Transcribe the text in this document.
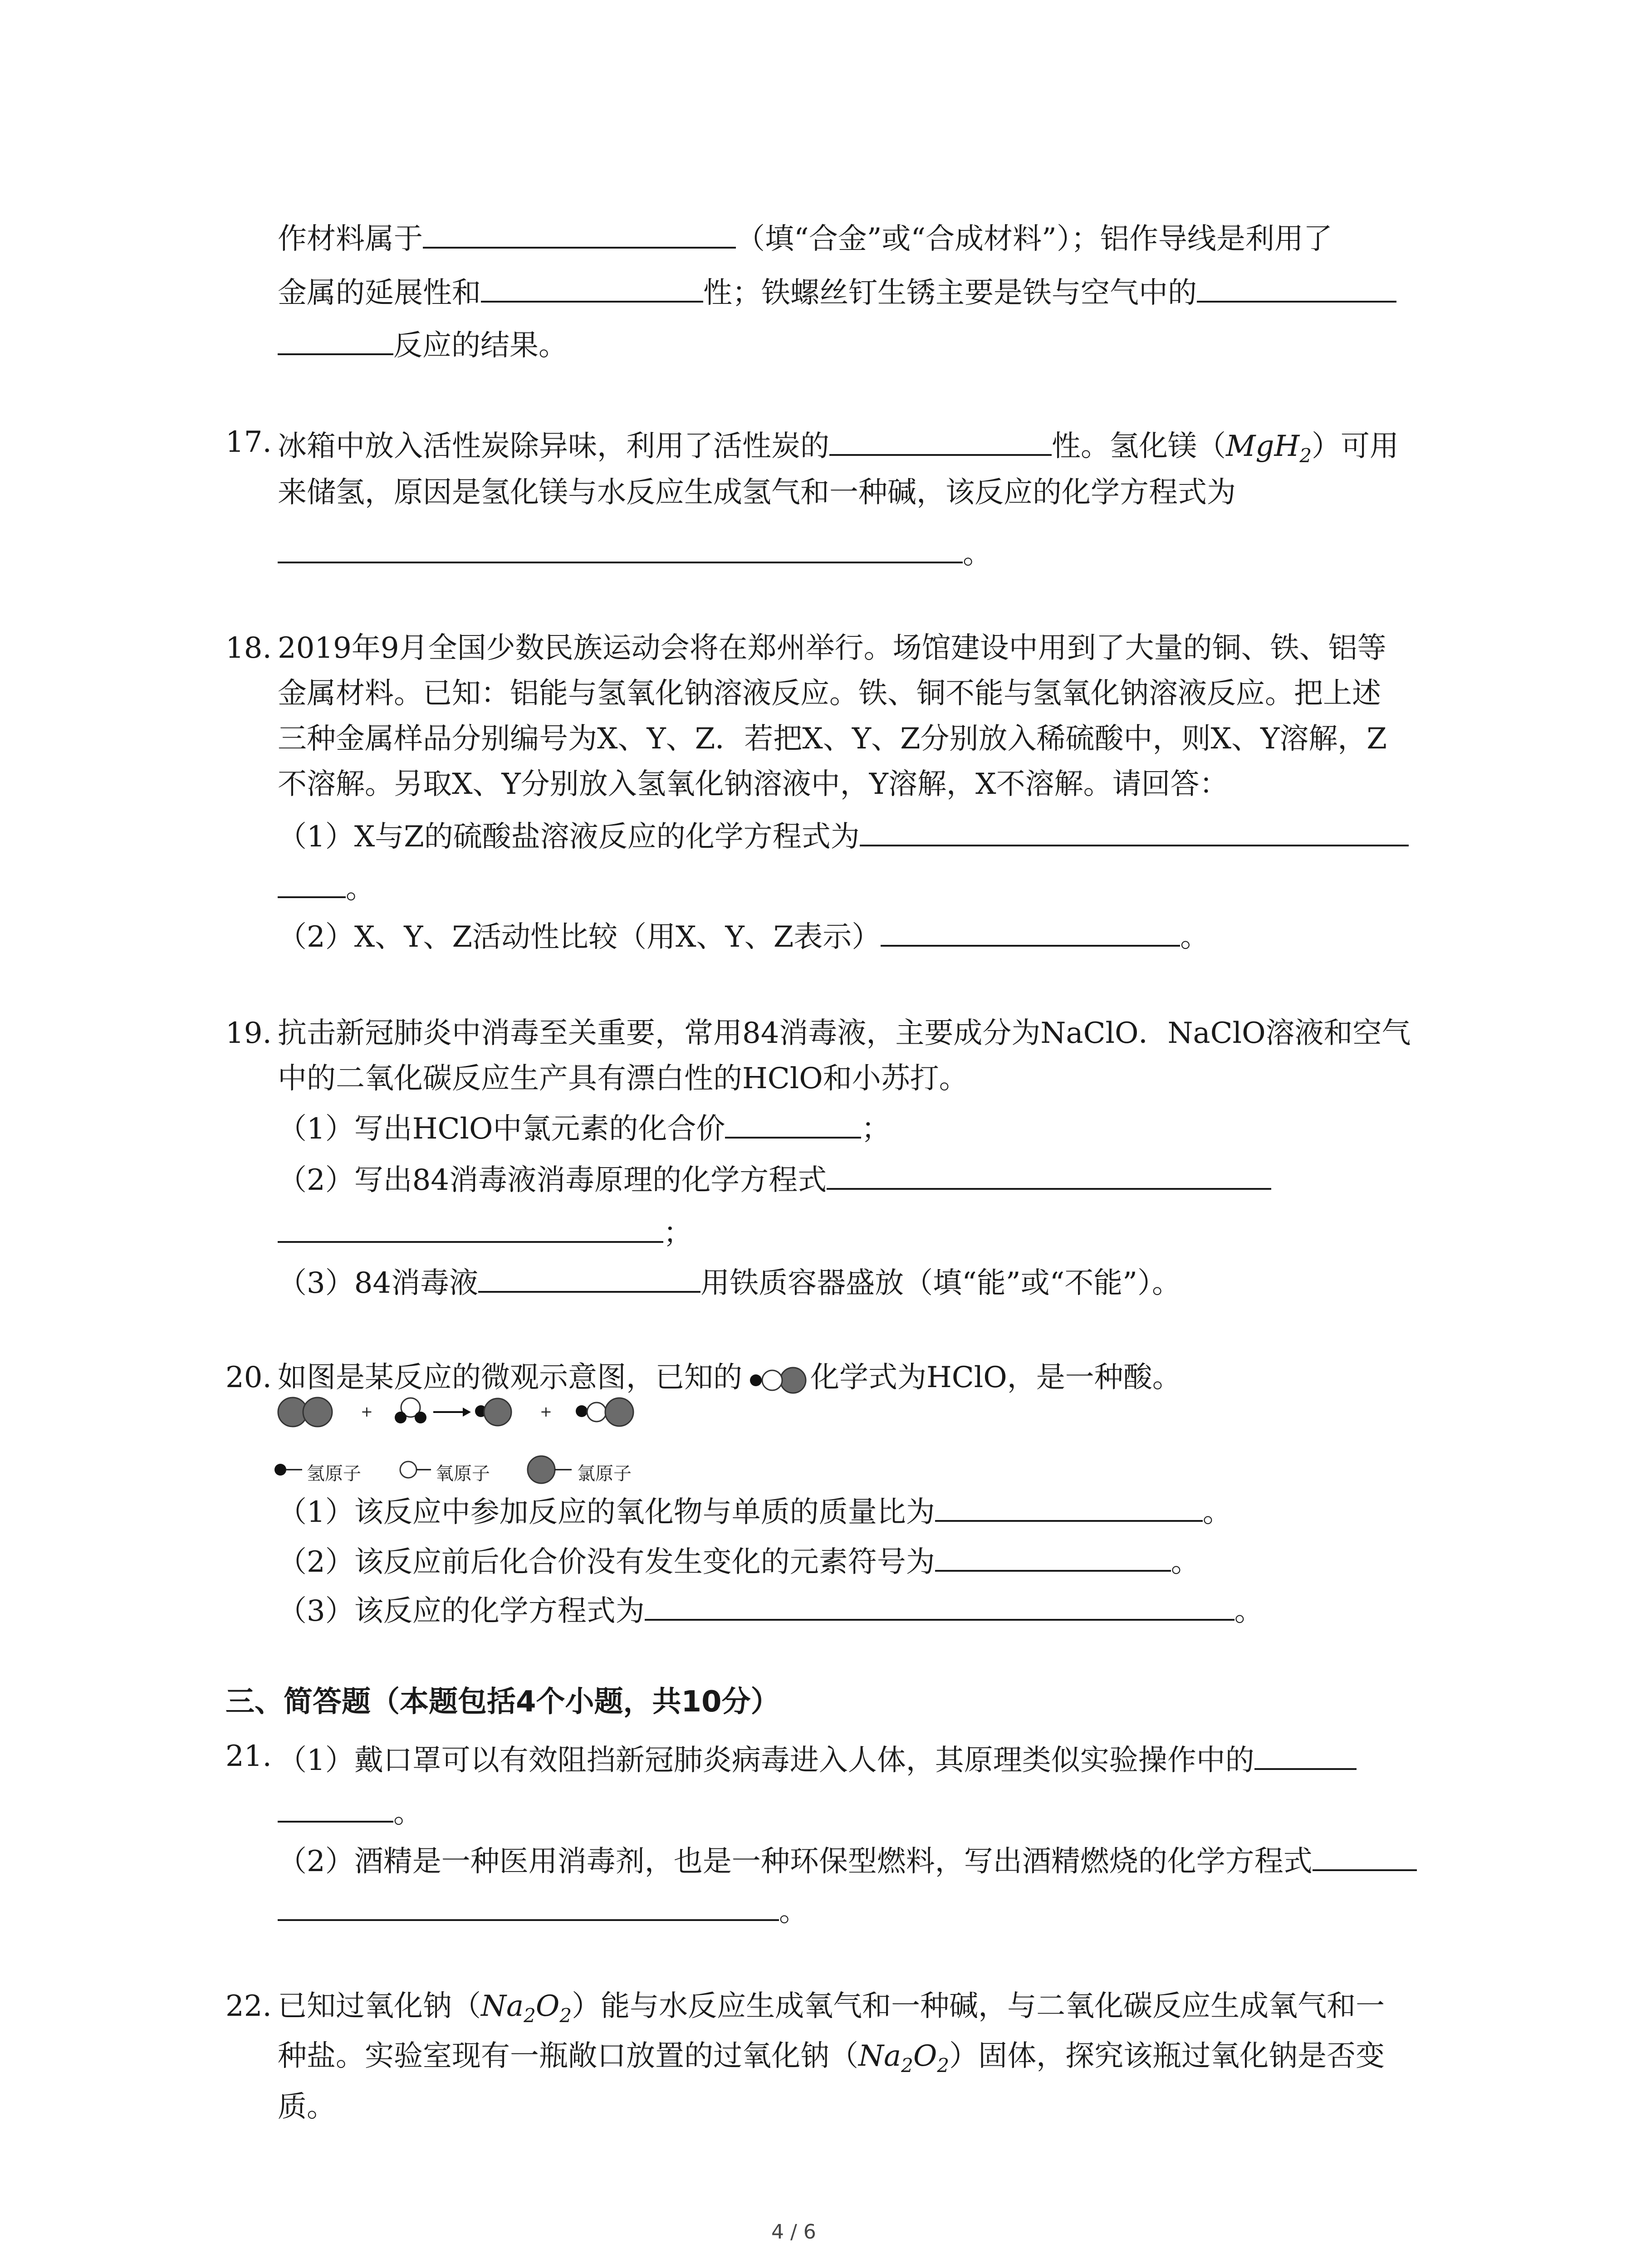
作材料属于	（填“合金”或“合成材料”）；铝作导线是利用了
金属的延展性和	性；铁螺丝钉生锈主要是铁与空气中的
反应的结果。
17. 冰箱中放入活性炭除异味，利用了活性炭的	性。氢化镁（MgH$_2$）可用
来储氢，原因是氢化镁与水反应生成氢气和一种碱，该反应的化学方程式为
。
18. 2019年9月全国少数民族运动会将在郑州举行。场馆建设中用到了大量的铜、铁、铝等
金属材料。已知：铝能与氢氧化钠溶液反应。铁、铜不能与氢氧化钠溶液反应。把上述
三种金属样品分别编号为X、Y、Z．若把X、Y、Z分别放入稀硫酸中，则X、Y溶解，Z
不溶解。另取X、Y分别放入氢氧化钠溶液中，Y溶解，X不溶解。请回答：
（1）X与Z的硫酸盐溶液反应的化学方程式为
。
（2）X、Y、Z活动性比较（用X、Y、Z表示）	。
19. 抗击新冠肺炎中消毒至关重要，常用84消毒液，主要成分为NaClO．NaClO溶液和空气
中的二氧化碳反应生产具有漂白性的HClO和小苏打。
（1）写出HClO中氯元素的化合价	；
（2）写出84消毒液消毒原理的化学方程式
；
（3）84消毒液	用铁质容器盛放（填“能”或“不能”）。
20. 如图是某反应的微观示意图，已知的 化学式为HClO，是一种酸。
+	+
氢原子	氧原子	氯原子
（1）该反应中参加反应的氧化物与单质的质量比为	。
（2）该反应前后化合价没有发生变化的元素符号为	。
（3）该反应的化学方程式为	。
三、简答题（本题包括4个小题，共10分）
21. （1）戴口罩可以有效阻挡新冠肺炎病毒进入人体，其原理类似实验操作中的
。
（2）酒精是一种医用消毒剂，也是一种环保型燃料，写出酒精燃烧的化学方程式
。
22. 已知过氧化钠$(Na_2O_2)$能与水反应生成氧气和一种碱，与二氧化碳反应生成氧气和一
种盐。实验室现有一瓶敞口放置的过氧化钠$(Na_2O_2)$固体，探究该瓶过氧化钠是否变
质。
4 / 6
